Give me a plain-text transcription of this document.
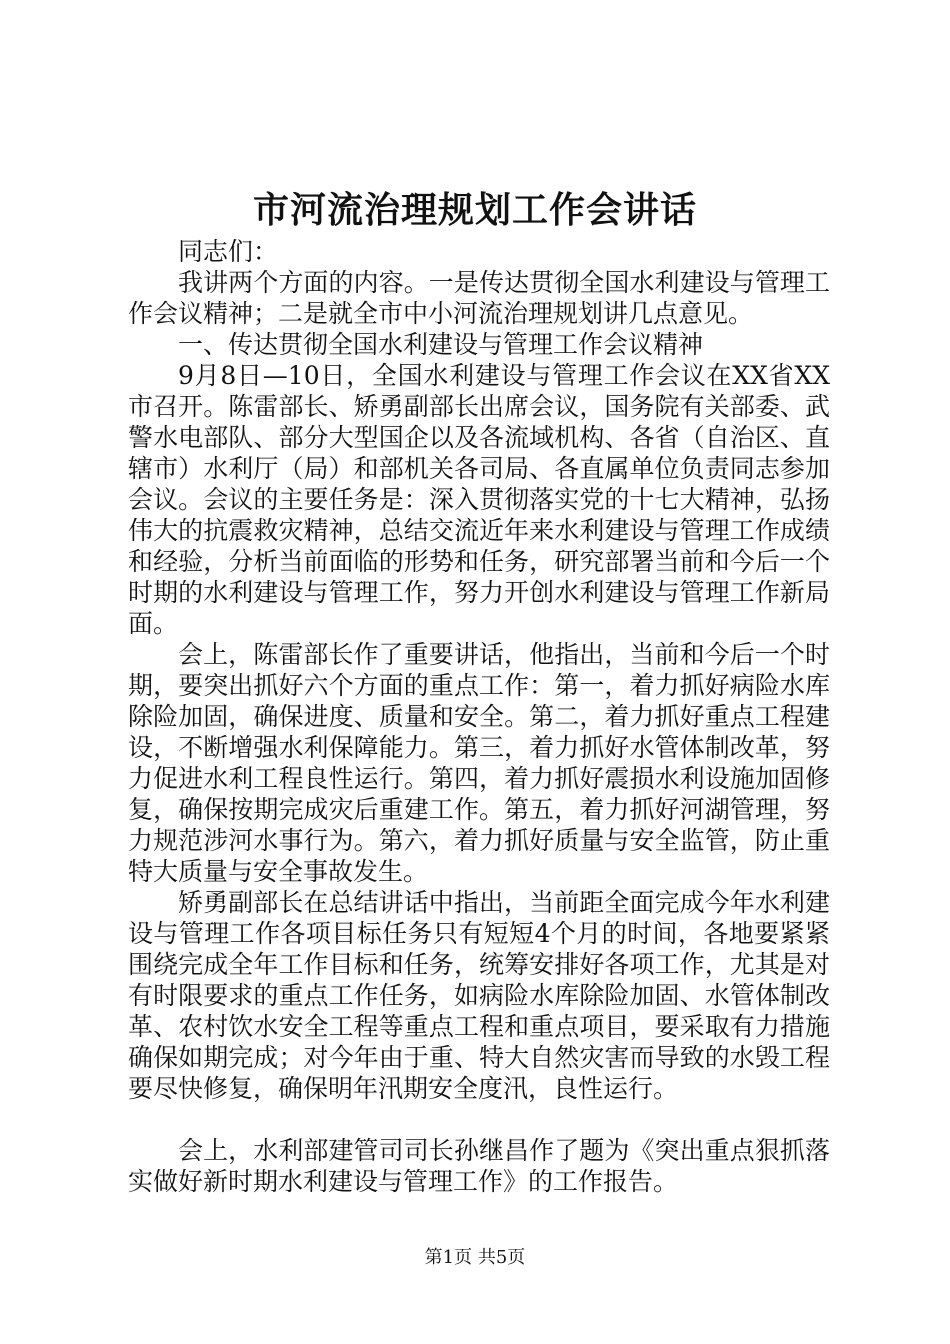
市河流治理规划工作会讲话

同志们：

我讲两个方面的内容。一是传达贯彻全国水利建设与管理工作会议精神；二是就全市中小河流治理规划讲几点意见。

一、传达贯彻全国水利建设与管理工作会议精神

9月8日—10日，全国水利建设与管理工作会议在XX省XX市召开。陈雷部长、矫勇副部长出席会议，国务院有关部委、武警水电部队、部分大型国企以及各流域机构、各省（自治区、直辖市）水利厅（局）和部机关各司局、各直属单位负责同志参加会议。会议的主要任务是：深入贯彻落实党的十七大精神，弘扬伟大的抗震救灾精神，总结交流近年来水利建设与管理工作成绩和经验，分析当前面临的形势和任务，研究部署当前和今后一个时期的水利建设与管理工作，努力开创水利建设与管理工作新局面。

会上，陈雷部长作了重要讲话，他指出，当前和今后一个时期，要突出抓好六个方面的重点工作：第一，着力抓好病险水库除险加固，确保进度、质量和安全。第二，着力抓好重点工程建设，不断增强水利保障能力。第三，着力抓好水管体制改革，努力促进水利工程良性运行。第四，着力抓好震损水利设施加固修复，确保按期完成灾后重建工作。第五，着力抓好河湖管理，努力规范涉河水事行为。第六，着力抓好质量与安全监管，防止重特大质量与安全事故发生。

矫勇副部长在总结讲话中指出，当前距全面完成今年水利建设与管理工作各项目标任务只有短短4个月的时间，各地要紧紧围绕完成全年工作目标和任务，统筹安排好各项工作，尤其是对有时限要求的重点工作任务，如病险水库除险加固、水管体制改革、农村饮水安全工程等重点工程和重点项目，要采取有力措施确保如期完成；对今年由于重、特大自然灾害而导致的水毁工程要尽快修复，确保明年汛期安全度汛，良性运行。

会上，水利部建管司司长孙继昌作了题为《突出重点狠抓落实做好新时期水利建设与管理工作》的工作报告。

第1页 共5页
